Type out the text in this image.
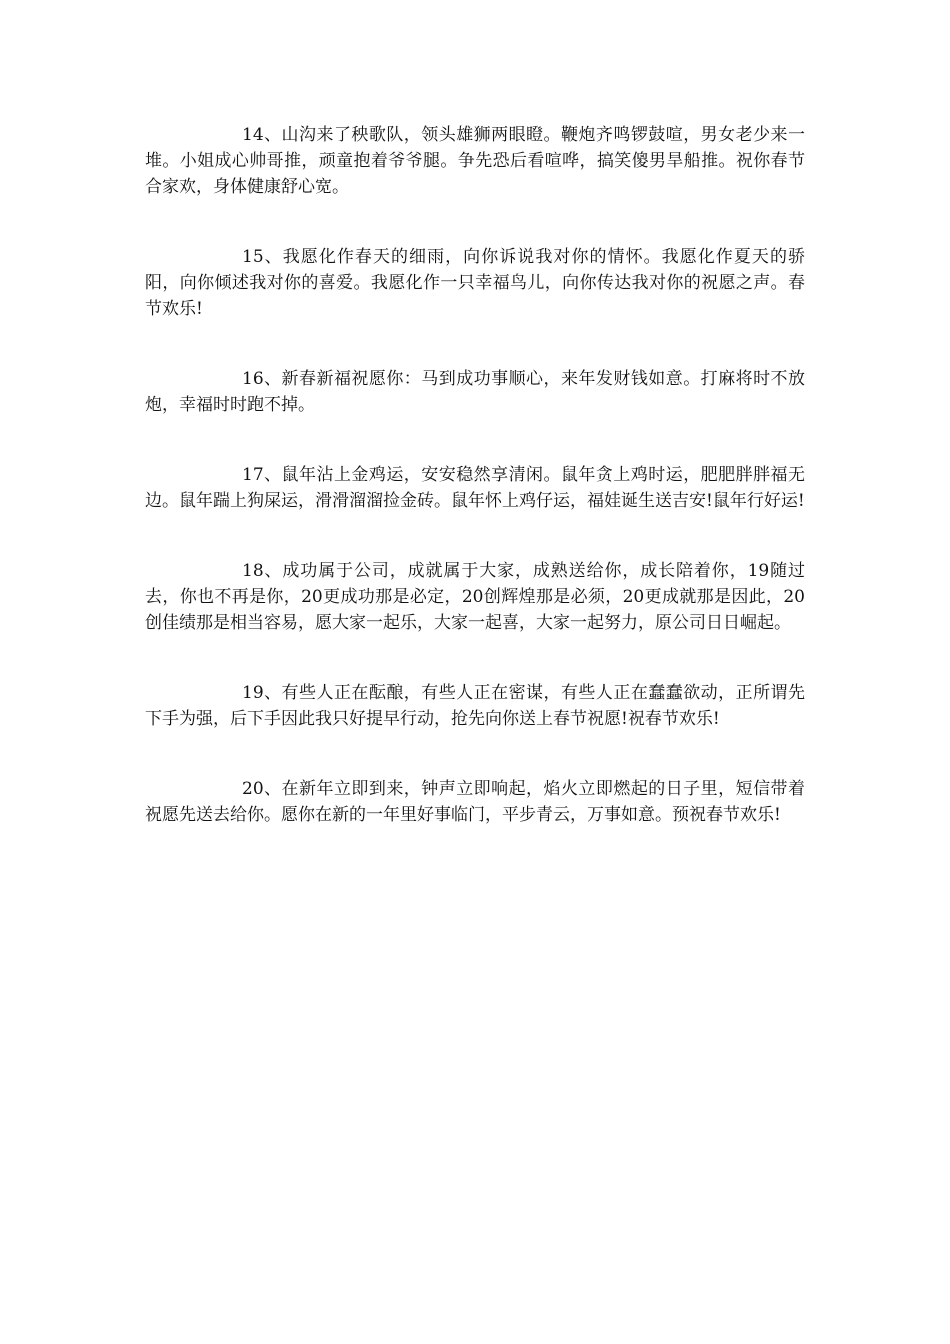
14、山沟来了秧歌队，领头雄狮两眼瞪。鞭炮齐鸣锣鼓喧，男女老少来一堆。小姐成心帅哥推，顽童抱着爷爷腿。争先恐后看喧哗，搞笑傻男旱船推。祝你春节合家欢，身体健康舒心宽。

15、我愿化作春天的细雨，向你诉说我对你的情怀。我愿化作夏天的骄阳，向你倾述我对你的喜爱。我愿化作一只幸福鸟儿，向你传达我对你的祝愿之声。春节欢乐!

16、新春新福祝愿你：马到成功事顺心，来年发财钱如意。打麻将时不放炮，幸福时时跑不掉。

17、鼠年沾上金鸡运，安安稳然享清闲。鼠年贪上鸡时运，肥肥胖胖福无边。鼠年踹上狗屎运，滑滑溜溜捡金砖。鼠年怀上鸡仔运，福娃诞生送吉安!鼠年行好运!

18、成功属于公司，成就属于大家，成熟送给你，成长陪着你，19随过去，你也不再是你，20更成功那是必定，20创辉煌那是必须，20更成就那是因此，20创佳绩那是相当容易，愿大家一起乐，大家一起喜，大家一起努力，原公司日日崛起。

19、有些人正在酝酿，有些人正在密谋，有些人正在蠢蠢欲动，正所谓先下手为强，后下手因此我只好提早行动，抢先向你送上春节祝愿!祝春节欢乐!

20、在新年立即到来，钟声立即响起，焰火立即燃起的日子里，短信带着祝愿先送去给你。愿你在新的一年里好事临门，平步青云，万事如意。预祝春节欢乐!
